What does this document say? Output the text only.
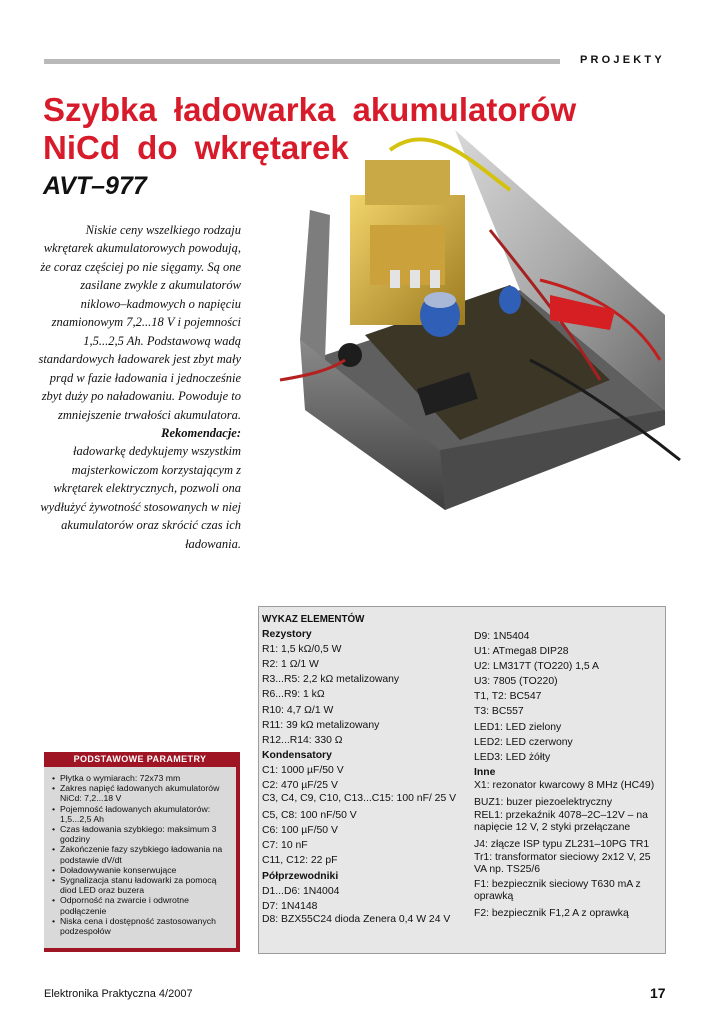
PROJEKTY
Szybka ładowarka akumulatorów
NiCd do wkrętarek
AVT–977

Niskie ceny wszelkiego rodzaju wkrętarek akumulatorowych powodują, że coraz częściej po nie sięgamy. Są one zasilane zwykle z akumulatorów niklowo–kadmowych o napięciu znamionowym 7,2...18 V i pojemności 1,5...2,5 Ah. Podstawową wadą standardowych ładowarek jest zbyt mały prąd w fazie ładowania i jednocześnie zbyt duży po naładowaniu. Powoduje to zmniejszenie trwałości akumulatora.

Rekomendacje:

ładowarkę dedykujemy wszystkim majsterkowiczom korzystającym z wkrętarek elektrycznych, pozwoli ona wydłużyć żywotność stosowanych w niej akumulatorów oraz skrócić czas ich ładowania.

PODSTAWOWE PARAMETRY
• Płytka o wymiarach: 72x73 mm
• Zakres napięć ładowanych akumulatorów NiCd: 7,2...18 V
• Pojemność ładowanych akumulatorów: 1,5...2,5 Ah
• Czas ładowania szybkiego: maksimum 3 godziny
• Zakończenie fazy szybkiego ładowania na podstawie dV/dt
• Doładowywanie konserwujące
• Sygnalizacja stanu ładowarki za pomocą diod LED oraz buzera
• Odporność na zwarcie i odwrotne podłączenie
• Niska cena i dostępność zastosowanych podzespołów
WYKAZ ELEMENTÓW
Rezystory
R1: 1,5 kΩ/0,5 W
R2: 1 Ω/1 W
R3...R5: 2,2 kΩ metalizowany
R6...R9: 1 kΩ
R10: 4,7 Ω/1 W
R11: 39 kΩ metalizowany
R12...R14: 330 Ω
Kondensatory
C1: 1000 µF/50 V
C2: 470 µF/25 V
C3, C4, C9, C10, C13...C15: 100 nF/ 25 V
C5, C8: 100 nF/50 V
C6: 100 µF/50 V
C7: 10 nF
C11, C12: 22 pF
Półprzewodniki
D1...D6: 1N4004
D7: 1N4148
D8: BZX55C24 dioda Zenera 0,4 W 24 V
D9: 1N5404
U1: ATmega8 DIP28
U2: LM317T (TO220) 1,5 A
U3: 7805 (TO220)
T1, T2: BC547
T3: BC557
LED1: LED zielony
LED2: LED czerwony
LED3: LED żółty
Inne
X1: rezonator kwarcowy 8 MHz (HC49)
BUZ1: buzer piezoelektryczny
REL1: przekaźnik 4078–2C–12V – na napięcie 12 V, 2 styki przełączane
J4: złącze ISP typu ZL231–10PG TR1
Tr1: transformator sieciowy 2x12 V, 25 VA np. TS25/6
F1: bezpiecznik sieciowy T630 mA z oprawką
F2: bezpiecznik F1,2 A z oprawką
Elektronika Praktyczna 4/2007	17
